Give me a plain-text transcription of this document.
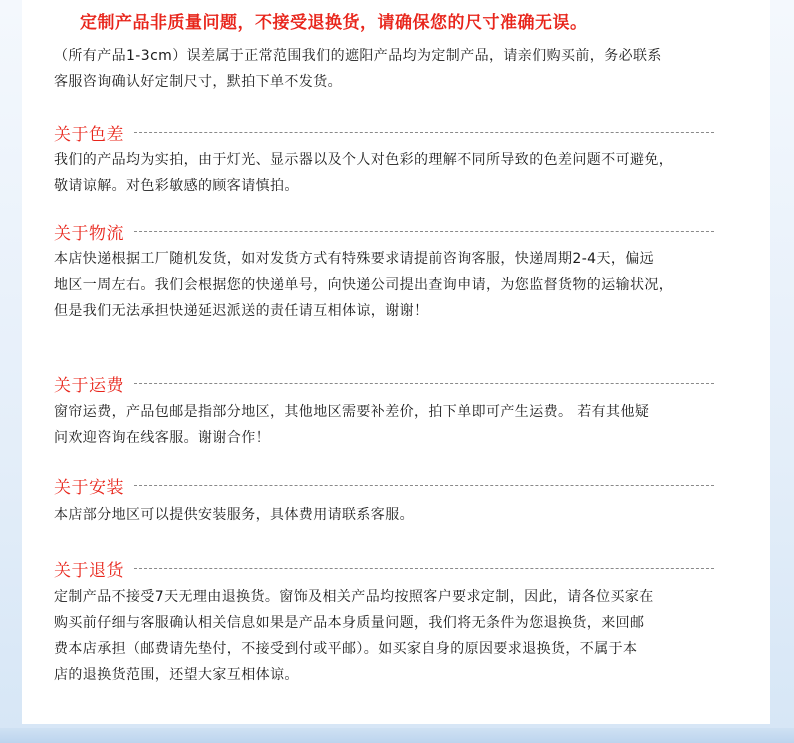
定制产品非质量问题，不接受退换货，请确保您的尺寸准确无误。
（所有产品1-3cm）误差属于正常范围我们的遮阳产品均为定制产品，请亲们购买前，务必联系
客服咨询确认好定制尺寸，默拍下单不发货。
关于色差
我们的产品均为实拍，由于灯光、显示器以及个人对色彩的理解不同所导致的色差问题不可避免，
敬请谅解。对色彩敏感的顾客请慎拍。
关于物流
本店快递根据工厂随机发货，如对发货方式有特殊要求请提前咨询客服，快递周期2-4天，偏远
地区一周左右。我们会根据您的快递单号，向快递公司提出查询申请，为您监督货物的运输状况，
但是我们无法承担快递延迟派送的责任请互相体谅，谢谢！
关于运费
窗帘运费，产品包邮是指部分地区，其他地区需要补差价，拍下单即可产生运费。 若有其他疑
问欢迎咨询在线客服。谢谢合作！
关于安装
本店部分地区可以提供安装服务，具体费用请联系客服。
关于退货
定制产品不接受7天无理由退换货。窗饰及相关产品均按照客户要求定制，因此，请各位买家在
购买前仔细与客服确认相关信息如果是产品本身质量问题，我们将无条件为您退换货，来回邮
费本店承担（邮费请先垫付，不接受到付或平邮）。如买家自身的原因要求退换货，不属于本
店的退换货范围，还望大家互相体谅。
